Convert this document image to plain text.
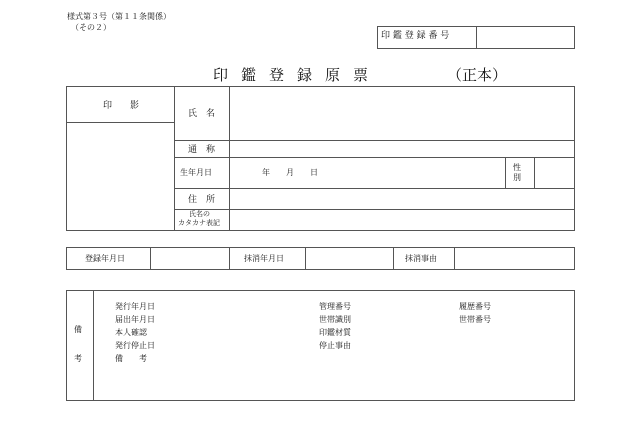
様式第３号（第１１条関係）
（その２）
印 鑑 登 録 番 号
印 鑑 登 録 原 票	（正本）
印　　影
氏　名
通　称
生年月日	年　　月　　日
性
別
住　所
氏名の
カタカナ表記
登録年月日	抹消年月日	抹消事由
備
考
発行年月日
届出年月日
本人確認
発行停止日
備　　考
管理番号
世帯識別
印鑑材質
停止事由
履歴番号
世帯番号
